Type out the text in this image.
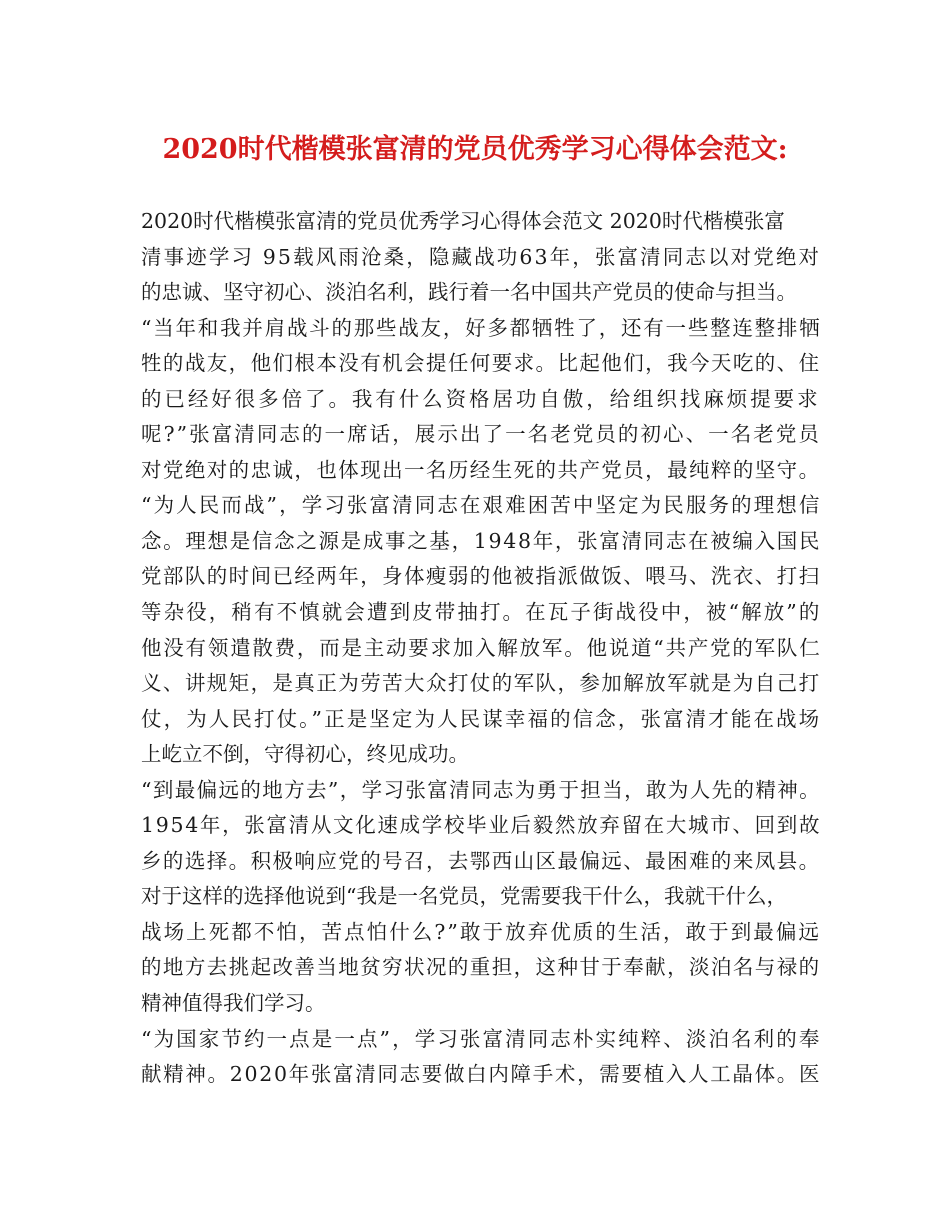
2020时代楷模张富清的党员优秀学习心得体会范文:
2020时代楷模张富清的党员优秀学习心得体会范文 2020时代楷模张富
清事迹学习 95载风雨沧桑，隐藏战功63年，张富清同志以对党绝对
的忠诚、坚守初心、淡泊名利，践行着一名中国共产党员的使命与担当。
“当年和我并肩战斗的那些战友，好多都牺牲了，还有一些整连整排牺
牲的战友，他们根本没有机会提任何要求。比起他们，我今天吃的、住
的已经好很多倍了。我有什么资格居功自傲，给组织找麻烦提要求
呢?”张富清同志的一席话，展示出了一名老党员的初心、一名老党员
对党绝对的忠诚，也体现出一名历经生死的共产党员，最纯粹的坚守。
“为人民而战”，学习张富清同志在艰难困苦中坚定为民服务的理想信
念。理想是信念之源是成事之基，1948年，张富清同志在被编入国民
党部队的时间已经两年，身体瘦弱的他被指派做饭、喂马、洗衣、打扫
等杂役，稍有不慎就会遭到皮带抽打。在瓦子街战役中，被“解放”的
他没有领遣散费，而是主动要求加入解放军。他说道“共产党的军队仁
义、讲规矩，是真正为劳苦大众打仗的军队，参加解放军就是为自己打
仗，为人民打仗。”正是坚定为人民谋幸福的信念，张富清才能在战场
上屹立不倒，守得初心，终见成功。
“到最偏远的地方去”，学习张富清同志为勇于担当，敢为人先的精神。
1954年，张富清从文化速成学校毕业后毅然放弃留在大城市、回到故
乡的选择。积极响应党的号召，去鄂西山区最偏远、最困难的来凤县。
对于这样的选择他说到“我是一名党员，党需要我干什么，我就干什么，
战场上死都不怕，苦点怕什么?”敢于放弃优质的生活，敢于到最偏远
的地方去挑起改善当地贫穷状况的重担，这种甘于奉献，淡泊名与禄的
精神值得我们学习。
“为国家节约一点是一点”，学习张富清同志朴实纯粹、淡泊名利的奉
献精神。2020年张富清同志要做白内障手术，需要植入人工晶体。医
